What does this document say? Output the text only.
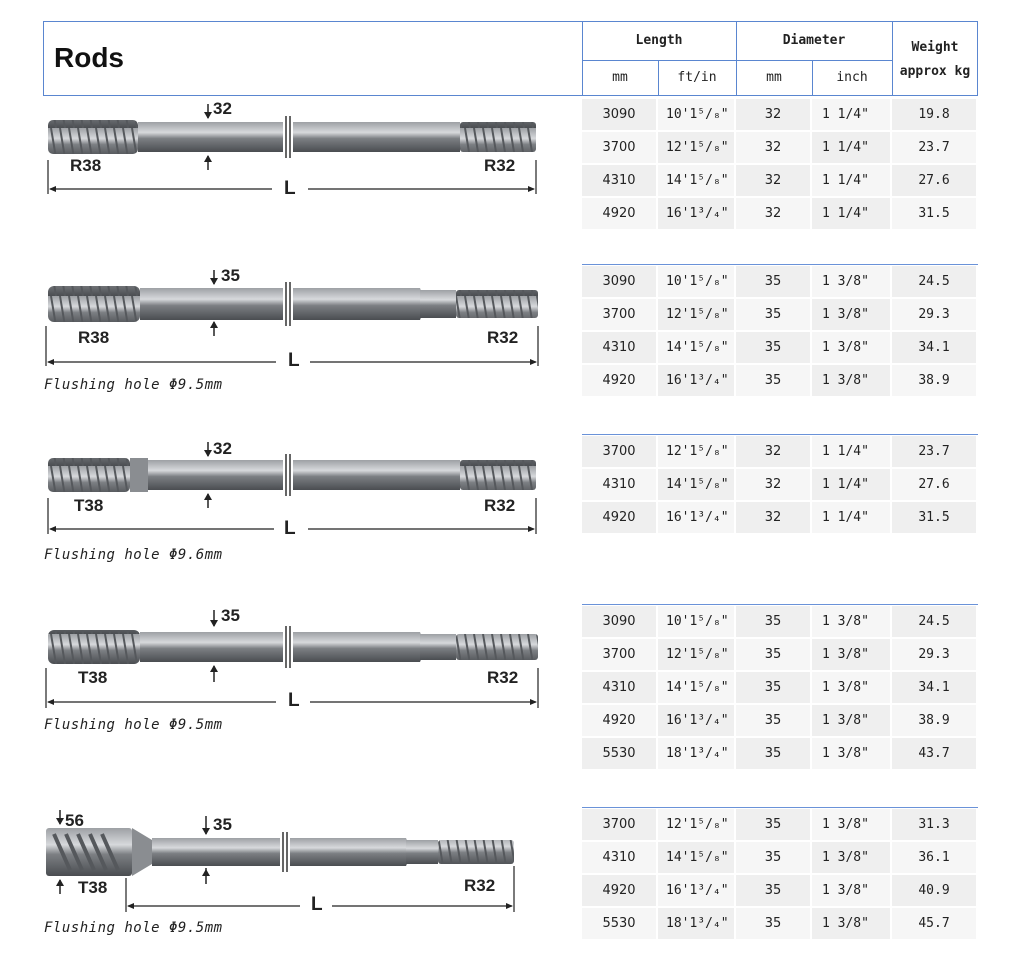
Rods
Length	Diameter	Weight
approx kg
mm	ft/in	mm	inch
32
R38	R32
L
3090	10'1⁵/₈"	32	1 1/4"	19.8
3700	12'1⁵/₈"	32	1 1/4"	23.7
4310	14'1⁵/₈"	32	1 1/4"	27.6
4920	16'1³/₄"	32	1 1/4"	31.5
35
R38	R32
L
Flushing hole Φ9.5mm
3090	10'1⁵/₈"	35	1 3/8"	24.5
3700	12'1⁵/₈"	35	1 3/8"	29.3
4310	14'1⁵/₈"	35	1 3/8"	34.1
4920	16'1³/₄"	35	1 3/8"	38.9
32
T38	R32
L
Flushing hole Φ9.6mm
3700	12'1⁵/₈"	32	1 1/4"	23.7
4310	14'1⁵/₈"	32	1 1/4"	27.6
4920	16'1³/₄"	32	1 1/4"	31.5
35
T38	R32
L
Flushing hole Φ9.5mm
3090	10'1⁵/₈"	35	1 3/8"	24.5
3700	12'1⁵/₈"	35	1 3/8"	29.3
4310	14'1⁵/₈"	35	1 3/8"	34.1
4920	16'1³/₄"	35	1 3/8"	38.9
5530	18'1³/₄"	35	1 3/8"	43.7
56	35
T38	R32
L
Flushing hole Φ9.5mm
3700	12'1⁵/₈"	35	1 3/8"	31.3
4310	14'1⁵/₈"	35	1 3/8"	36.1
4920	16'1³/₄"	35	1 3/8"	40.9
5530	18'1³/₄"	35	1 3/8"	45.7
